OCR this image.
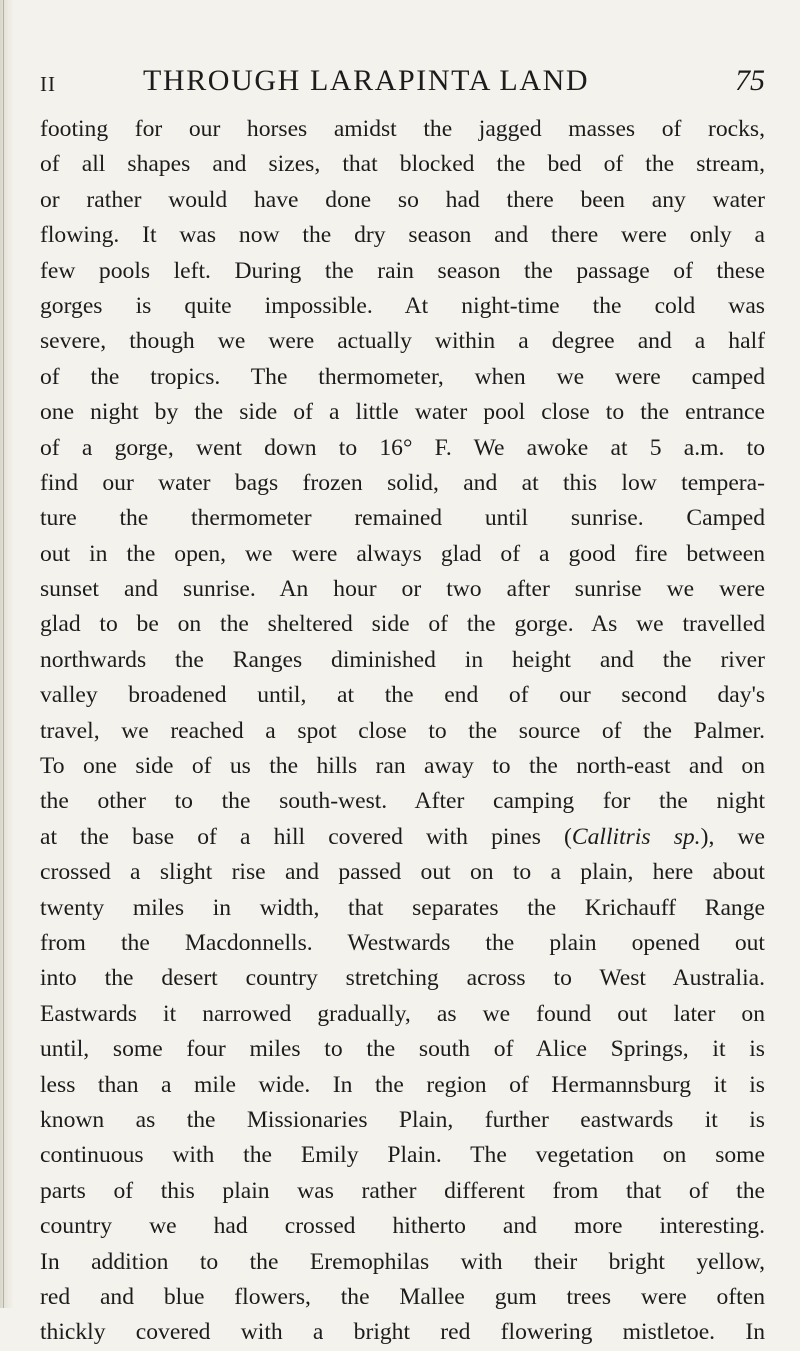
II	THROUGH LARAPINTA LAND	75
footing for our horses amidst the jagged masses of rocks,
of all shapes and sizes, that blocked the bed of the stream,
or rather would have done so had there been any water
flowing. It was now the dry season and there were only a
few pools left. During the rain season the passage of these
gorges is quite impossible. At night-time the cold was
severe, though we were actually within a degree and a half
of the tropics. The thermometer, when we were camped
one night by the side of a little water pool close to the entrance
of a gorge, went down to 16° F. We awoke at 5 a.m. to
find our water bags frozen solid, and at this low tempera-
ture the thermometer remained until sunrise. Camped
out in the open, we were always glad of a good fire between
sunset and sunrise. An hour or two after sunrise we were
glad to be on the sheltered side of the gorge. As we travelled
northwards the Ranges diminished in height and the river
valley broadened until, at the end of our second day's
travel, we reached a spot close to the source of the Palmer.
To one side of us the hills ran away to the north-east and on
the other to the south-west. After camping for the night
at the base of a hill covered with pines (Callitris sp.), we
crossed a slight rise and passed out on to a plain, here about
twenty miles in width, that separates the Krichauff Range
from the Macdonnells. Westwards the plain opened out
into the desert country stretching across to West Australia.
Eastwards it narrowed gradually, as we found out later on
until, some four miles to the south of Alice Springs, it is
less than a mile wide. In the region of Hermannsburg it is
known as the Missionaries Plain, further eastwards it is
continuous with the Emily Plain. The vegetation on some
parts of this plain was rather different from that of the
country we had crossed hitherto and more interesting.
In addition to the Eremophilas with their bright yellow,
red and blue flowers, the Mallee gum trees were often
thickly covered with a bright red flowering mistletoe. In
